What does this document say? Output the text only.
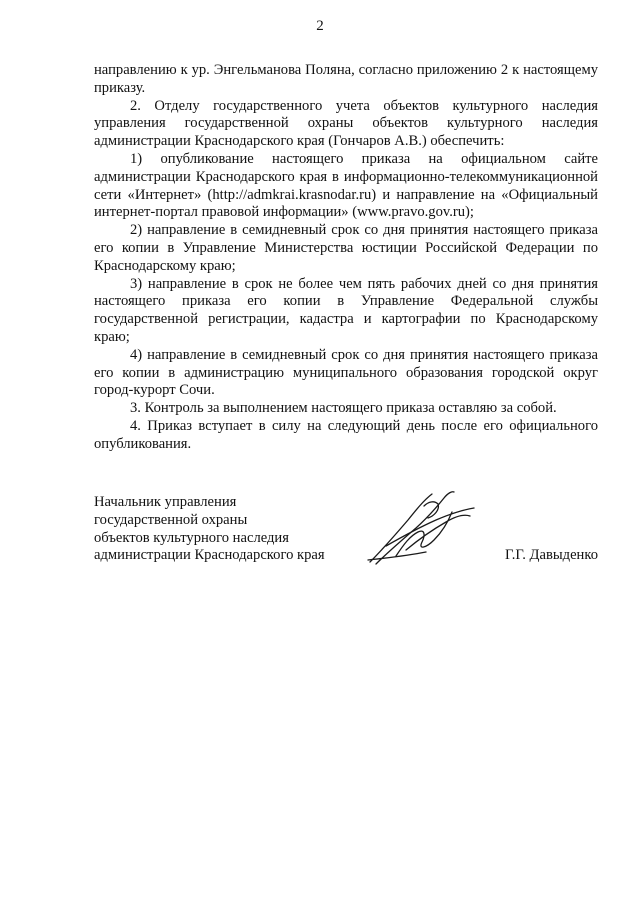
2

направлению к ур. Энгельманова Поляна, согласно приложению 2 к настоящему приказу.

2. Отделу государственного учета объектов культурного наследия управления государственной охраны объектов культурного наследия администрации Краснодарского края (Гончаров А.В.) обеспечить:

1) опубликование настоящего приказа на официальном сайте администрации Краснодарского края в информационно-телекоммуникационной сети «Интернет» (http://admkrai.krasnodar.ru) и направление на «Официальный интернет-портал правовой информации» (www.pravo.gov.ru);

2) направление в семидневный срок со дня принятия настоящего приказа его копии в Управление Министерства юстиции Российской Федерации по Краснодарскому краю;

3) направление в срок не более чем пять рабочих дней со дня принятия настоящего приказа его копии в Управление Федеральной службы государственной регистрации, кадастра и картографии по Краснодарскому краю;

4) направление в семидневный срок со дня принятия настоящего приказа его копии в администрацию муниципального образования городской округ город-курорт Сочи.

3. Контроль за выполнением настоящего приказа оставляю за собой.

4. Приказ вступает в силу на следующий день после его официального опубликования.

Начальник управления
государственной охраны
объектов культурного наследия
администрации Краснодарского края	Г.Г. Давыденко
